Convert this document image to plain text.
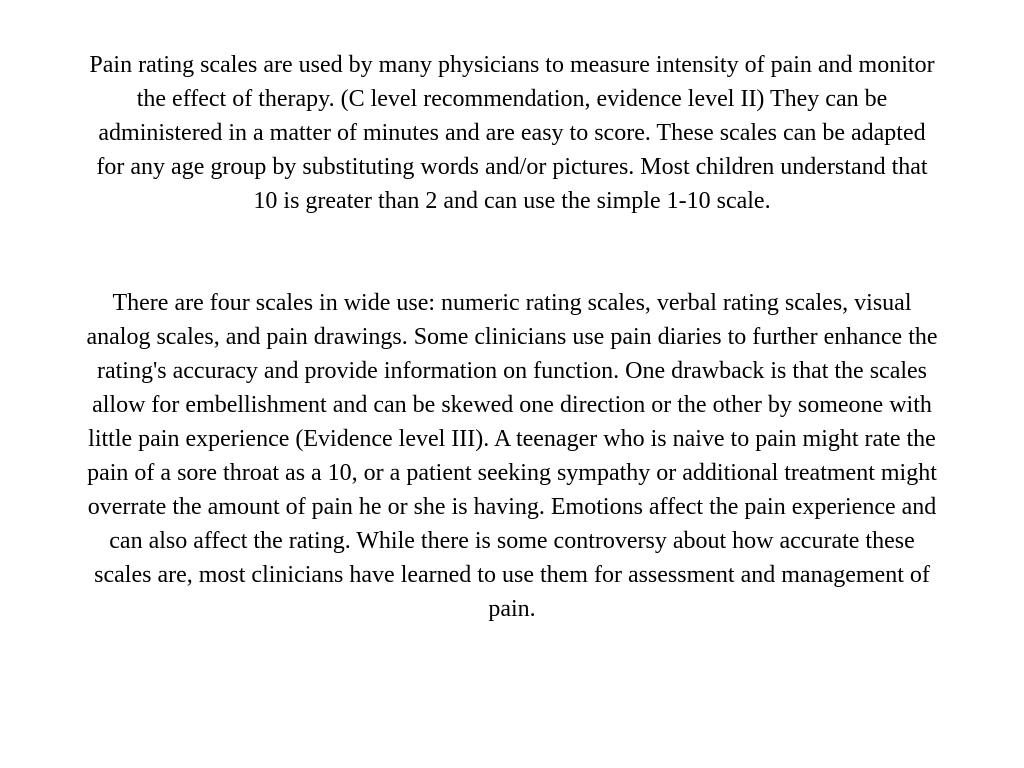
Pain rating scales are used by many physicians to measure intensity of pain and monitor the effect of therapy. (C level recommendation, evidence level II) They can be administered in a matter of minutes and are easy to score. These scales can be adapted for any age group by substituting words and/or pictures. Most children understand that 10 is greater than 2 and can use the simple 1-10 scale.

There are four scales in wide use: numeric rating scales, verbal rating scales, visual analog scales, and pain drawings. Some clinicians use pain diaries to further enhance the rating's accuracy and provide information on function. One drawback is that the scales allow for embellishment and can be skewed one direction or the other by someone with little pain experience (Evidence level III). A teenager who is naive to pain might rate the pain of a sore throat as a 10, or a patient seeking sympathy or additional treatment might overrate the amount of pain he or she is having. Emotions affect the pain experience and can also affect the rating. While there is some controversy about how accurate these scales are, most clinicians have learned to use them for assessment and management of pain.
